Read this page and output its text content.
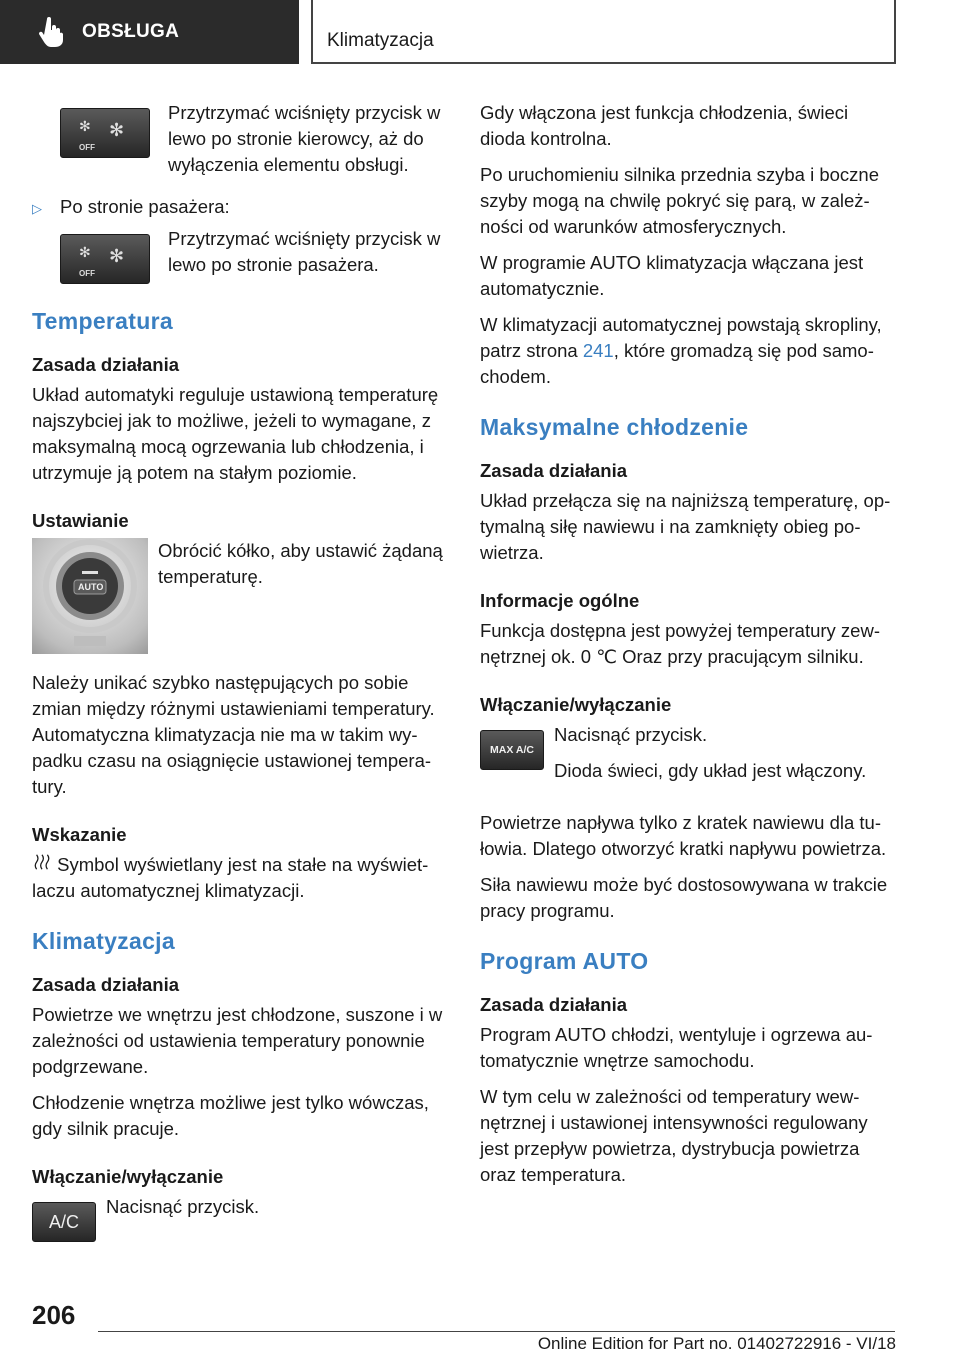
OBSŁUGA	Klimatyzacja
✻
OFF
✻
Przytrzymać wciśnięty przycisk w lewo po stronie kierowcy, aż do wyłączenia elementu obsługi.

▷ Po stronie pasażera:

✻
OFF
✻
Przytrzymać wciśnięty przycisk w lewo po stronie pasażera.
Temperatura
Zasada działania

Układ automatyki reguluje ustawioną temperaturę najszybciej jak to możliwe, jeżeli to wymagane, z maksymalną mocą ogrzewania lub chłodzenia, i utrzymuje ją potem na stałym poziomie.

Ustawianie
AUTO
Obrócić kółko, aby ustawić żądaną temperaturę.

Należy unikać szybko następujących po sobie zmian między różnymi ustawieniami temperatury. Automatyczna klimatyzacja nie ma w takim wypadku czasu na osiągnięcie ustawionej temperatury.

Wskazanie

Symbol wyświetlany jest na stałe na wyświetlaczu automatycznej klimatyzacji.

Klimatyzacja
Zasada działania

Powietrze we wnętrzu jest chłodzone, suszone i w zależności od ustawienia temperatury ponownie podgrzewane.

Chłodzenie wnętrza możliwe jest tylko wówczas, gdy silnik pracuje.

Włączanie/wyłączanie
A/C
Nacisnąć przycisk.

Gdy włączona jest funkcja chłodzenia, świeci dioda kontrolna.

Po uruchomieniu silnika przednia szyba i boczne szyby mogą na chwilę pokryć się parą, w zależności od warunków atmosferycznych.

W programie AUTO klimatyzacja włączana jest automatycznie.

W klimatyzacji automatycznej powstają skropliny, patrz strona 241, które gromadzą się pod samochodem.

Maksymalne chłodzenie
Zasada działania

Układ przełącza się na najniższą temperaturę, optymalną siłę nawiewu i na zamknięty obieg powietrza.

Informacje ogólne

Funkcja dostępna jest powyżej temperatury zewnętrznej ok. 0 ℃ Oraz przy pracującym silniku.

Włączanie/wyłączanie
MAX A/C

Nacisnąć przycisk.

Dioda świeci, gdy układ jest włączony.

Powietrze napływa tylko z kratek nawiewu dla tułowia. Dlatego otworzyć kratki napływu powietrza.

Siła nawiewu może być dostosowywana w trakcie pracy programu.

Program AUTO
Zasada działania

Program AUTO chłodzi, wentyluje i ogrzewa automatycznie wnętrze samochodu.

W tym celu w zależności od temperatury wewnętrznej i ustawionej intensywności regulowany jest przepływ powietrza, dystrybucja powietrza oraz temperatura.

206
Online Edition for Part no. 01402722916 - VI/18
